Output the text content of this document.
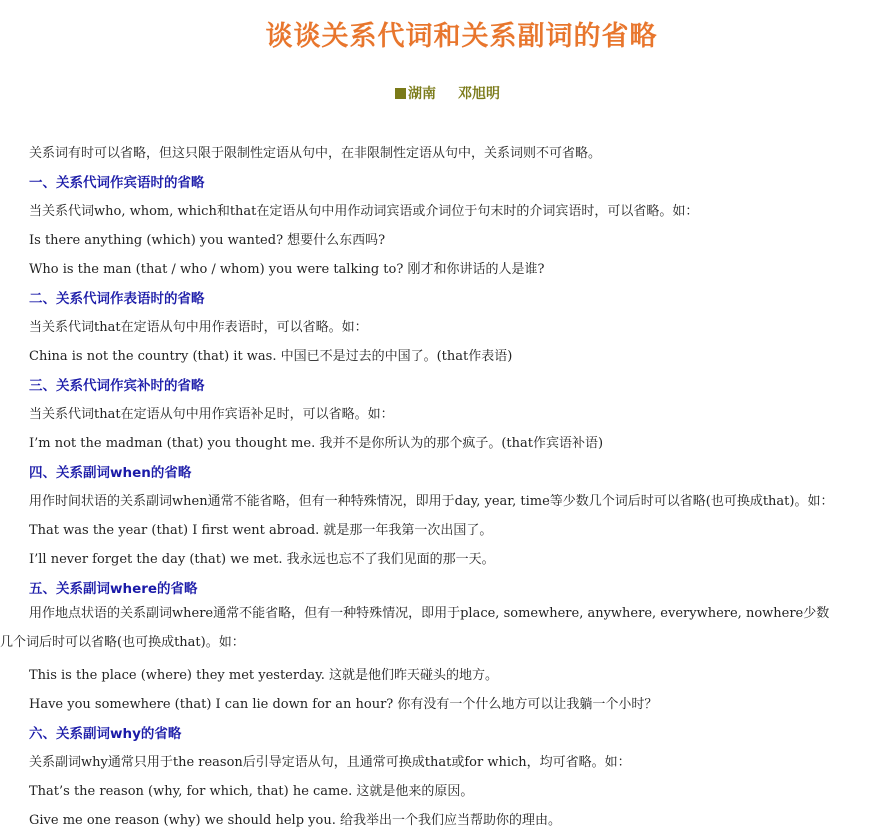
谈谈关系代词和关系副词的省略
湖南 邓旭明
关系词有时可以省略，但这只限于限制性定语从句中，在非限制性定语从句中，关系词则不可省略。
一、关系代词作宾语时的省略
当关系代词who, whom, which和that在定语从句中用作动词宾语或介词位于句末时的介词宾语时，可以省略。如：
Is there anything (which) you wanted? 想要什么东西吗?
Who is the man (that / who / whom) you were talking to? 刚才和你讲话的人是谁?
二、关系代词作表语时的省略
当关系代词that在定语从句中用作表语时，可以省略。如：
China is not the country (that) it was. 中国已不是过去的中国了。(that作表语)
三、关系代词作宾补时的省略
当关系代词that在定语从句中用作宾语补足时，可以省略。如：
I’m not the madman (that) you thought me. 我并不是你所认为的那个疯子。(that作宾语补语)
四、关系副词when的省略
用作时间状语的关系副词when通常不能省略，但有一种特殊情况，即用于day, year, time等少数几个词后时可以省略(也可换成that)。如：
That was the year (that) I first went abroad. 就是那一年我第一次出国了。
I’ll never forget the day (that) we met. 我永远也忘不了我们见面的那一天。
五、关系副词where的省略
用作地点状语的关系副词where通常不能省略，但有一种特殊情况，即用于place, somewhere, anywhere, everywhere, nowhere少数几个词后时可以省略(也可换成that)。如：
This is the place (where) they met yesterday. 这就是他们昨天碰头的地方。
Have you somewhere (that) I can lie down for an hour? 你有没有一个什么地方可以让我躺一个小时？
六、关系副词why的省略
关系副词why通常只用于the reason后引导定语从句，且通常可换成that或for which，均可省略。如：
That’s the reason (why, for which, that) he came. 这就是他来的原因。
Give me one reason (why) we should help you. 给我举出一个我们应当帮助你的理由。
